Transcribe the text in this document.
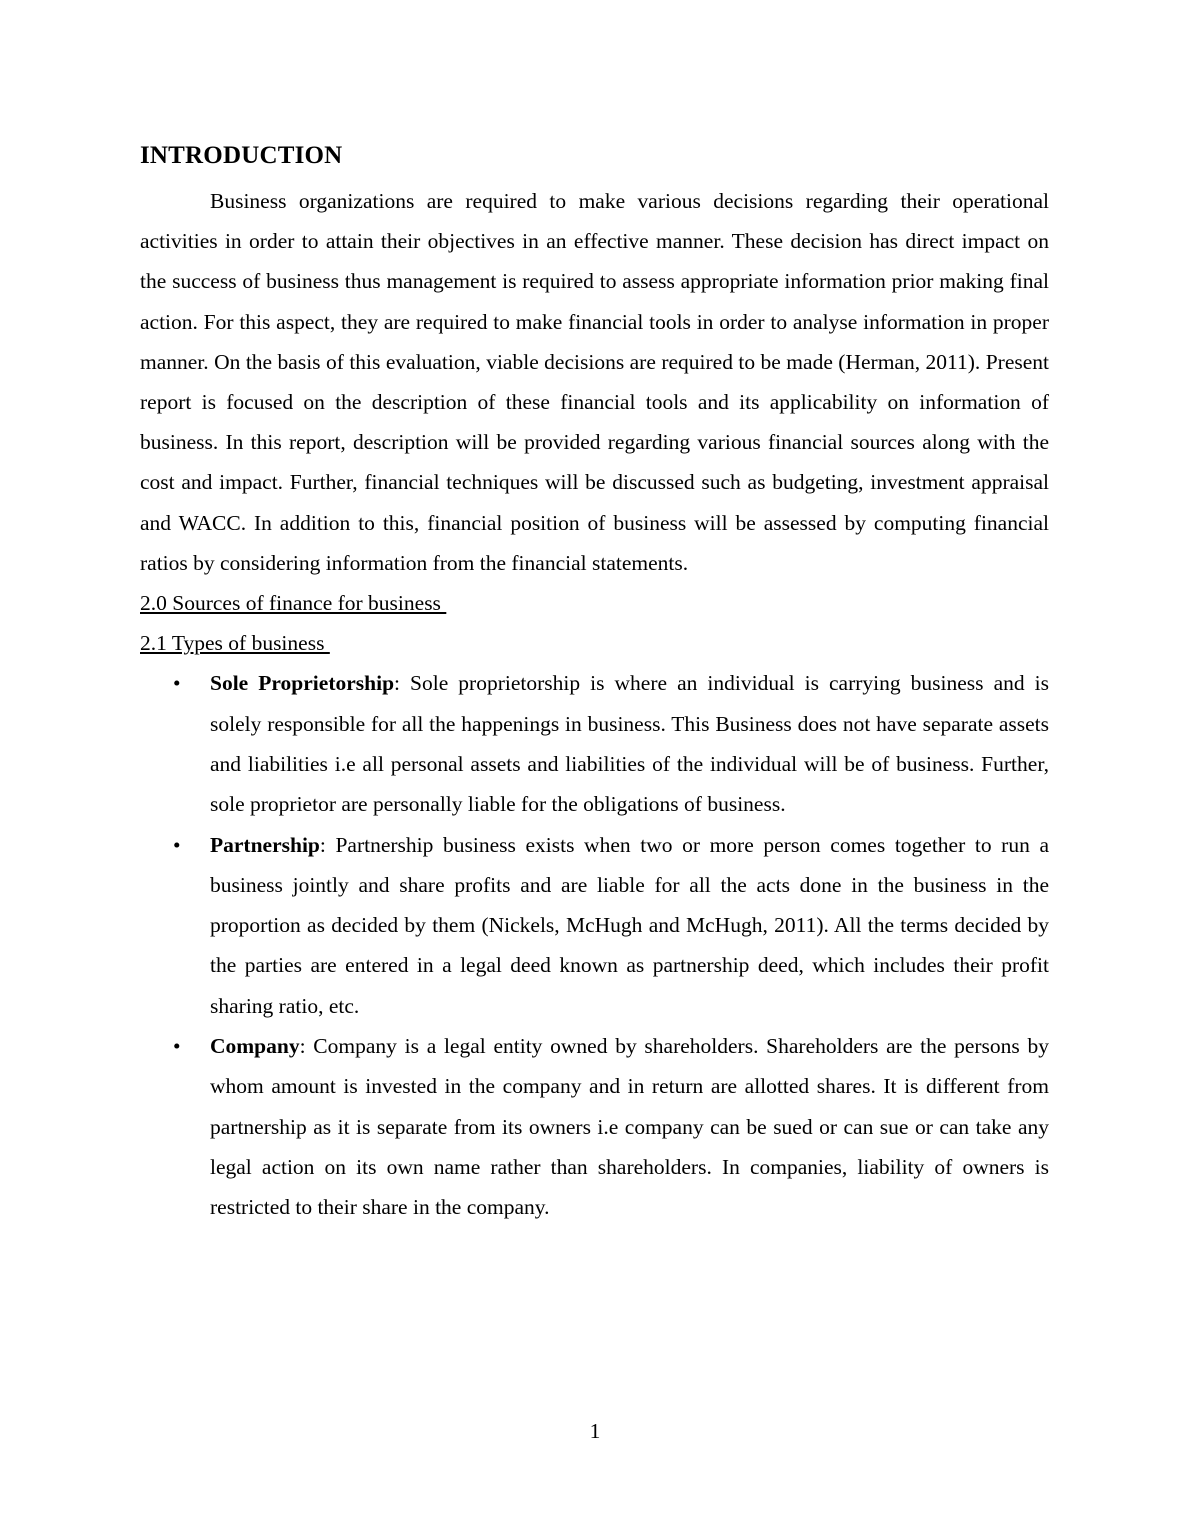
INTRODUCTION

Business organizations are required to make various decisions regarding their operational activities in order to attain their objectives in an effective manner. These decision has direct impact on the success of business thus management is required to assess appropriate information prior making final action. For this aspect, they are required to make financial tools in order to analyse information in proper manner. On the basis of this evaluation, viable decisions are required to be made (Herman, 2011). Present report is focused on the description of these financial tools and its applicability on information of business. In this report, description will be provided regarding various financial sources along with the cost and impact. Further, financial techniques will be discussed such as budgeting, investment appraisal and WACC. In addition to this, financial position of business will be assessed by computing financial ratios by considering information from the financial statements.

2.0 Sources of finance for business
2.1 Types of business
• Sole Proprietorship: Sole proprietorship is where an individual is carrying business and is solely responsible for all the happenings in business. This Business does not have separate assets and liabilities i.e all personal assets and liabilities of the individual will be of business. Further, sole proprietor are personally liable for the obligations of business.
• Partnership: Partnership business exists when two or more person comes together to run a business jointly and share profits and are liable for all the acts done in the business in the proportion as decided by them (Nickels, McHugh and McHugh, 2011). All the terms decided by the parties are entered in a legal deed known as partnership deed, which includes their profit sharing ratio, etc.
• Company: Company is a legal entity owned by shareholders. Shareholders are the persons by whom amount is invested in the company and in return are allotted shares. It is different from partnership as it is separate from its owners i.e company can be sued or can sue or can take any legal action on its own name rather than shareholders. In companies, liability of owners is restricted to their share in the company.
1
